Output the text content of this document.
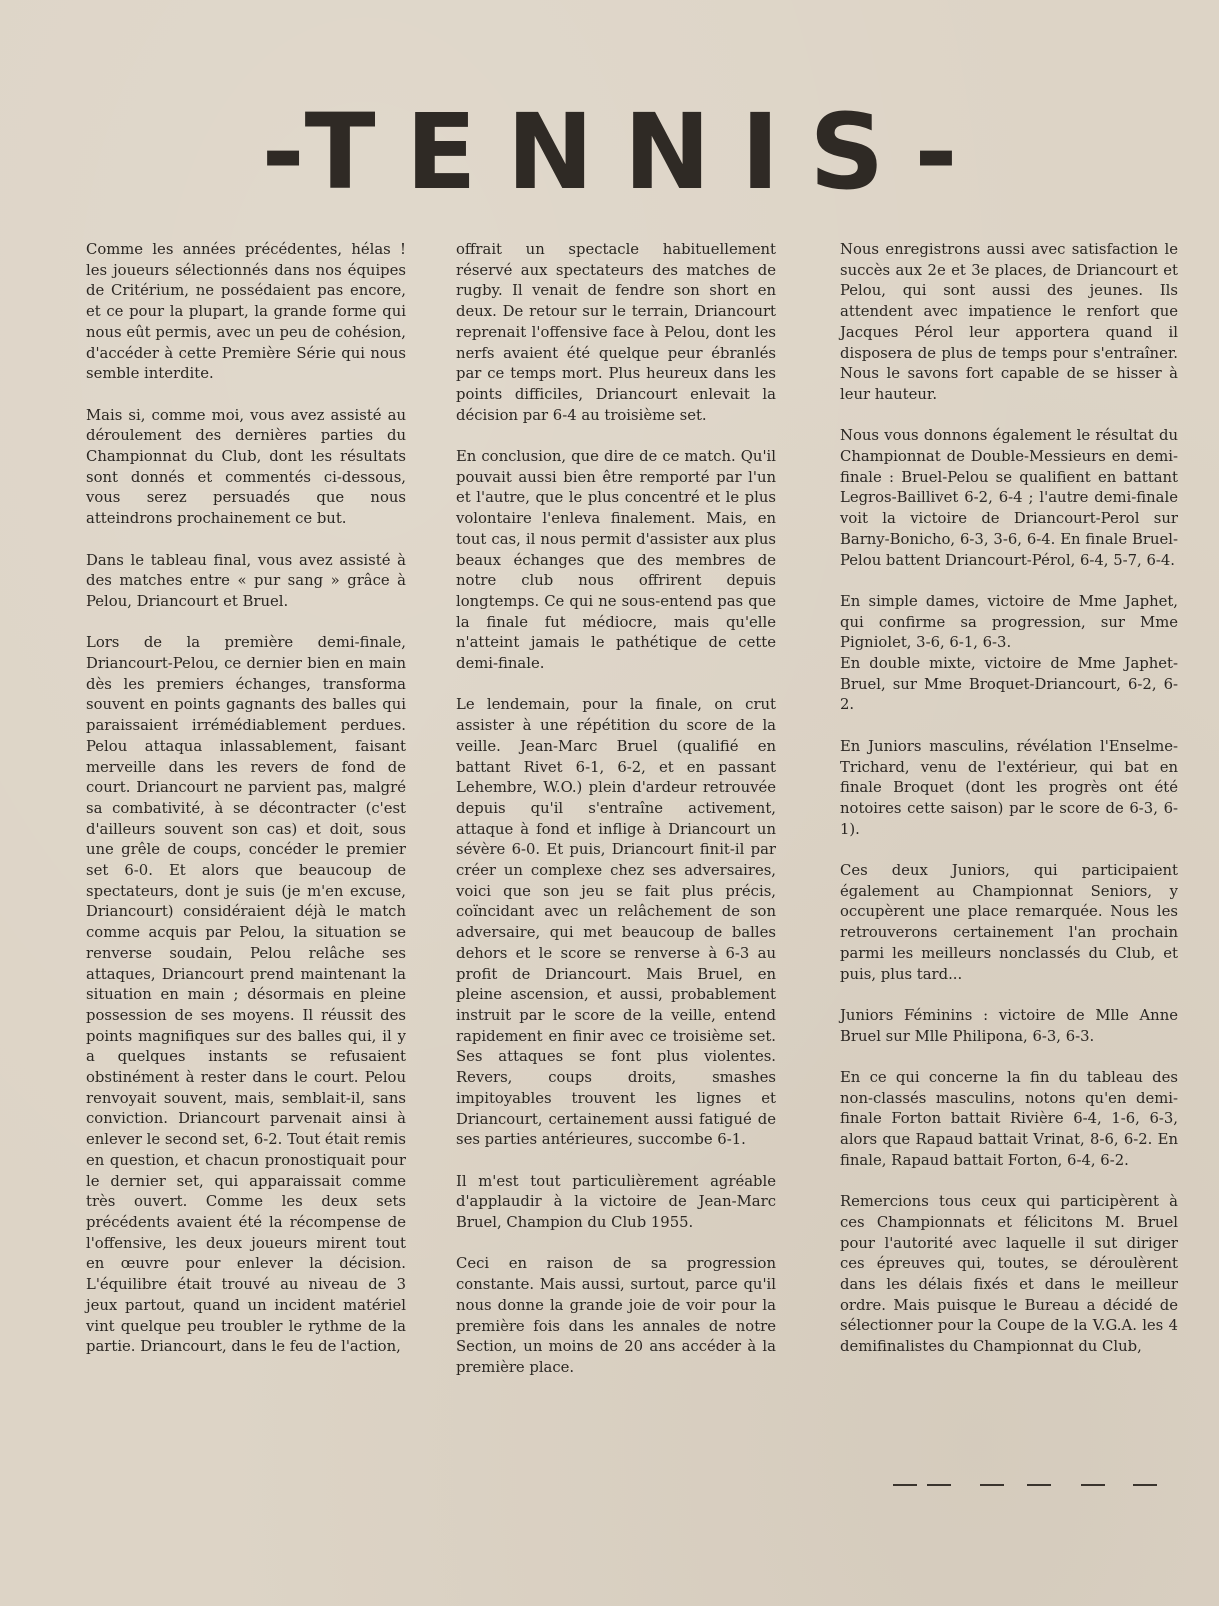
-TENNIS-

Comme les années précédentes, hélas ! les joueurs sélectionnés dans nos équipes de Critérium, ne possédaient pas encore, et ce pour la plupart, la grande forme qui nous eût permis, avec un peu de cohésion, d'accéder à cette Première Série qui nous semble interdite.

Mais si, comme moi, vous avez assisté au déroulement des dernières parties du Championnat du Club, dont les résultats sont donnés et commentés ci-dessous, vous serez persuadés que nous atteindrons prochainement ce but.

Dans le tableau final, vous avez assisté à des matches entre « pur sang » grâce à Pelou, Driancourt et Bruel.

Lors de la première demi-finale, Driancourt-Pelou, ce dernier bien en main dès les premiers échanges, transforma souvent en points gagnants des balles qui paraissaient irrémédiablement perdues. Pelou attaqua inlassablement, faisant merveille dans les revers de fond de court. Driancourt ne parvient pas, malgré sa combativité, à se décontracter (c'est d'ailleurs souvent son cas) et doit, sous une grêle de coups, concéder le premier set 6-0. Et alors que beaucoup de spectateurs, dont je suis (je m'en excuse, Driancourt) considéraient déjà le match comme acquis par Pelou, la situation se renverse soudain, Pelou relâche ses attaques, Driancourt prend maintenant la situation en main ; désormais en pleine possession de ses moyens. Il réussit des points magnifiques sur des balles qui, il y a quelques instants se refusaient obstinément à rester dans le court. Pelou renvoyait souvent, mais, semblait-il, sans conviction. Driancourt parvenait ainsi à enlever le second set, 6-2. Tout était remis en question, et chacun pronostiquait pour le dernier set, qui apparaissait comme très ouvert. Comme les deux sets précédents avaient été la récompense de l'offensive, les deux joueurs mirent tout en œuvre pour enlever la décision. L'équilibre était trouvé au niveau de 3 jeux partout, quand un incident matériel vint quelque peu troubler le rythme de la partie. Driancourt, dans le feu de l'action,

offrait un spectacle habituellement réservé aux spectateurs des matches de rugby. Il venait de fendre son short en deux. De retour sur le terrain, Driancourt reprenait l'offensive face à Pelou, dont les nerfs avaient été quelque peur ébranlés par ce temps mort. Plus heureux dans les points difficiles, Driancourt enlevait la décision par 6-4 au troisième set.

En conclusion, que dire de ce match. Qu'il pouvait aussi bien être remporté par l'un et l'autre, que le plus concentré et le plus volontaire l'enleva finalement. Mais, en tout cas, il nous permit d'assister aux plus beaux échanges que des membres de notre club nous offrirent depuis longtemps. Ce qui ne sous-entend pas que la finale fut médiocre, mais qu'elle n'atteint jamais le pathétique de cette demi-finale.

Le lendemain, pour la finale, on crut assister à une répétition du score de la veille. Jean-Marc Bruel (qualifié en battant Rivet 6-1, 6-2, et en passant Lehembre, W.O.) plein d'ardeur retrouvée depuis qu'il s'entraîne activement, attaque à fond et inflige à Driancourt un sévère 6-0. Et puis, Driancourt finit-il par créer un complexe chez ses adversaires, voici que son jeu se fait plus précis, coïncidant avec un relâchement de son adversaire, qui met beaucoup de balles dehors et le score se renverse à 6-3 au profit de Driancourt. Mais Bruel, en pleine ascension, et aussi, probablement instruit par le score de la veille, entend rapidement en finir avec ce troisième set. Ses attaques se font plus violentes. Revers, coups droits, smashes impitoyables trouvent les lignes et Driancourt, certainement aussi fatigué de ses parties antérieures, succombe 6-1.

Il m'est tout particulièrement agréable d'applaudir à la victoire de Jean-Marc Bruel, Champion du Club 1955.

Ceci en raison de sa progression constante. Mais aussi, surtout, parce qu'il nous donne la grande joie de voir pour la première fois dans les annales de notre Section, un moins de 20 ans accéder à la première place.

Nous enregistrons aussi avec satisfaction le succès aux 2e et 3e places, de Driancourt et Pelou, qui sont aussi des jeunes. Ils attendent avec impatience le renfort que Jacques Pérol leur apportera quand il disposera de plus de temps pour s'entraîner. Nous le savons fort capable de se hisser à leur hauteur.

Nous vous donnons également le résultat du Championnat de Double-Messieurs en demi-finale : Bruel-Pelou se qualifient en battant Legros-Baillivet 6-2, 6-4 ; l'autre demi-finale voit la victoire de Driancourt-Perol sur Barny-Bonicho, 6-3, 3-6, 6-4. En finale Bruel-Pelou battent Driancourt-Pérol, 6-4, 5-7, 6-4.

En simple dames, victoire de Mme Japhet, qui confirme sa progression, sur Mme Pigniolet, 3-6, 6-1, 6-3.
En double mixte, victoire de Mme Japhet-Bruel, sur Mme Broquet-Driancourt, 6-2, 6-2.

En Juniors masculins, révélation l'Enselme-Trichard, venu de l'extérieur, qui bat en finale Broquet (dont les progrès ont été notoires cette saison) par le score de 6-3, 6-1).

Ces deux Juniors, qui participaient également au Championnat Seniors, y occupèrent une place remarquée. Nous les retrouverons certainement l'an prochain parmi les meilleurs nonclassés du Club, et puis, plus tard...

Juniors Féminins : victoire de Mlle Anne Bruel sur Mlle Philipona, 6-3, 6-3.

En ce qui concerne la fin du tableau des non-classés masculins, notons qu'en demi-finale Forton battait Rivière 6-4, 1-6, 6-3, alors que Rapaud battait Vrinat, 8-6, 6-2. En finale, Rapaud battait Forton, 6-4, 6-2.

Remercions tous ceux qui participèrent à ces Championnats et félicitons M. Bruel pour l'autorité avec laquelle il sut diriger ces épreuves qui, toutes, se déroulèrent dans les délais fixés et dans le meilleur ordre. Mais puisque le Bureau a décidé de sélectionner pour la Coupe de la V.G.A. les 4 demifinalistes du Championnat du Club,
